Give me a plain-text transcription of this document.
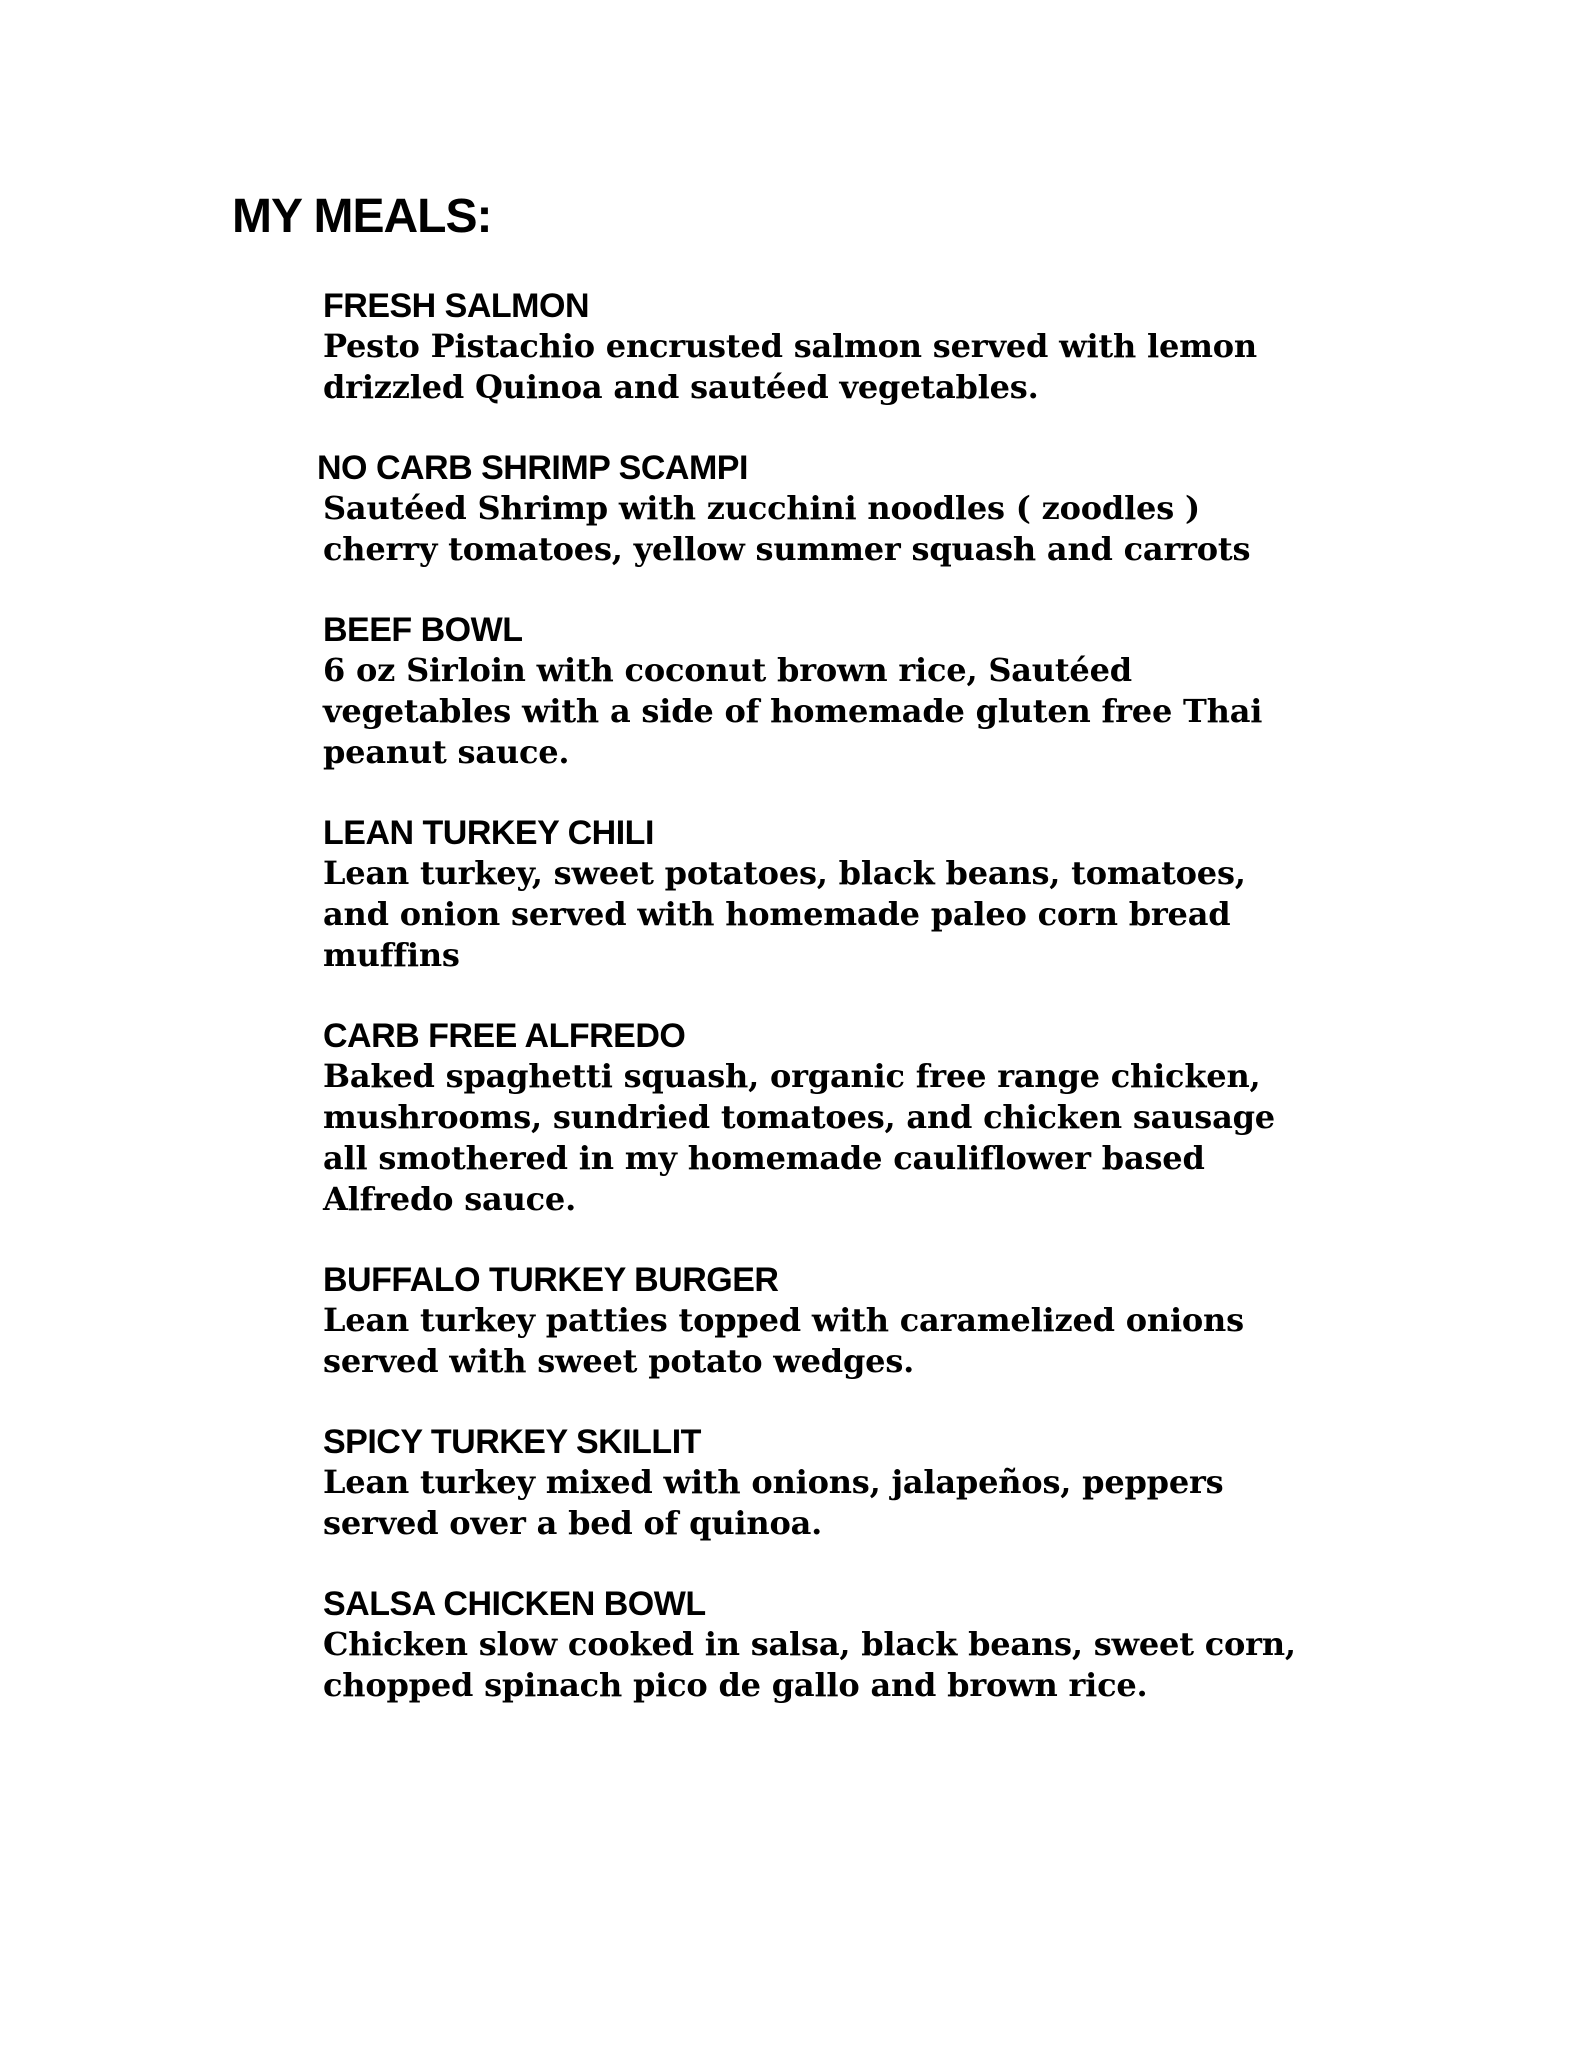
MY MEALS:
FRESH SALMON
Pesto Pistachio encrusted salmon served with lemon
drizzled Quinoa and sautéed vegetables.
NO CARB SHRIMP SCAMPI
Sautéed Shrimp with zucchini noodles ( zoodles )
cherry tomatoes, yellow summer squash and carrots
BEEF BOWL
6 oz Sirloin with coconut brown rice, Sautéed
vegetables with a side of homemade gluten free Thai
peanut sauce.
LEAN TURKEY CHILI
Lean turkey, sweet potatoes, black beans, tomatoes,
and onion served with homemade paleo corn bread
muffins
CARB FREE ALFREDO
Baked spaghetti squash, organic free range chicken,
mushrooms, sundried tomatoes, and chicken sausage
all smothered in my homemade cauliflower based
Alfredo sauce.
BUFFALO TURKEY BURGER
Lean turkey patties topped with caramelized onions
served with sweet potato wedges.
SPICY TURKEY SKILLIT
Lean turkey mixed with onions, jalapeños, peppers
served over a bed of quinoa.
SALSA CHICKEN BOWL
Chicken slow cooked in salsa, black beans, sweet corn,
chopped spinach pico de gallo and brown rice.
